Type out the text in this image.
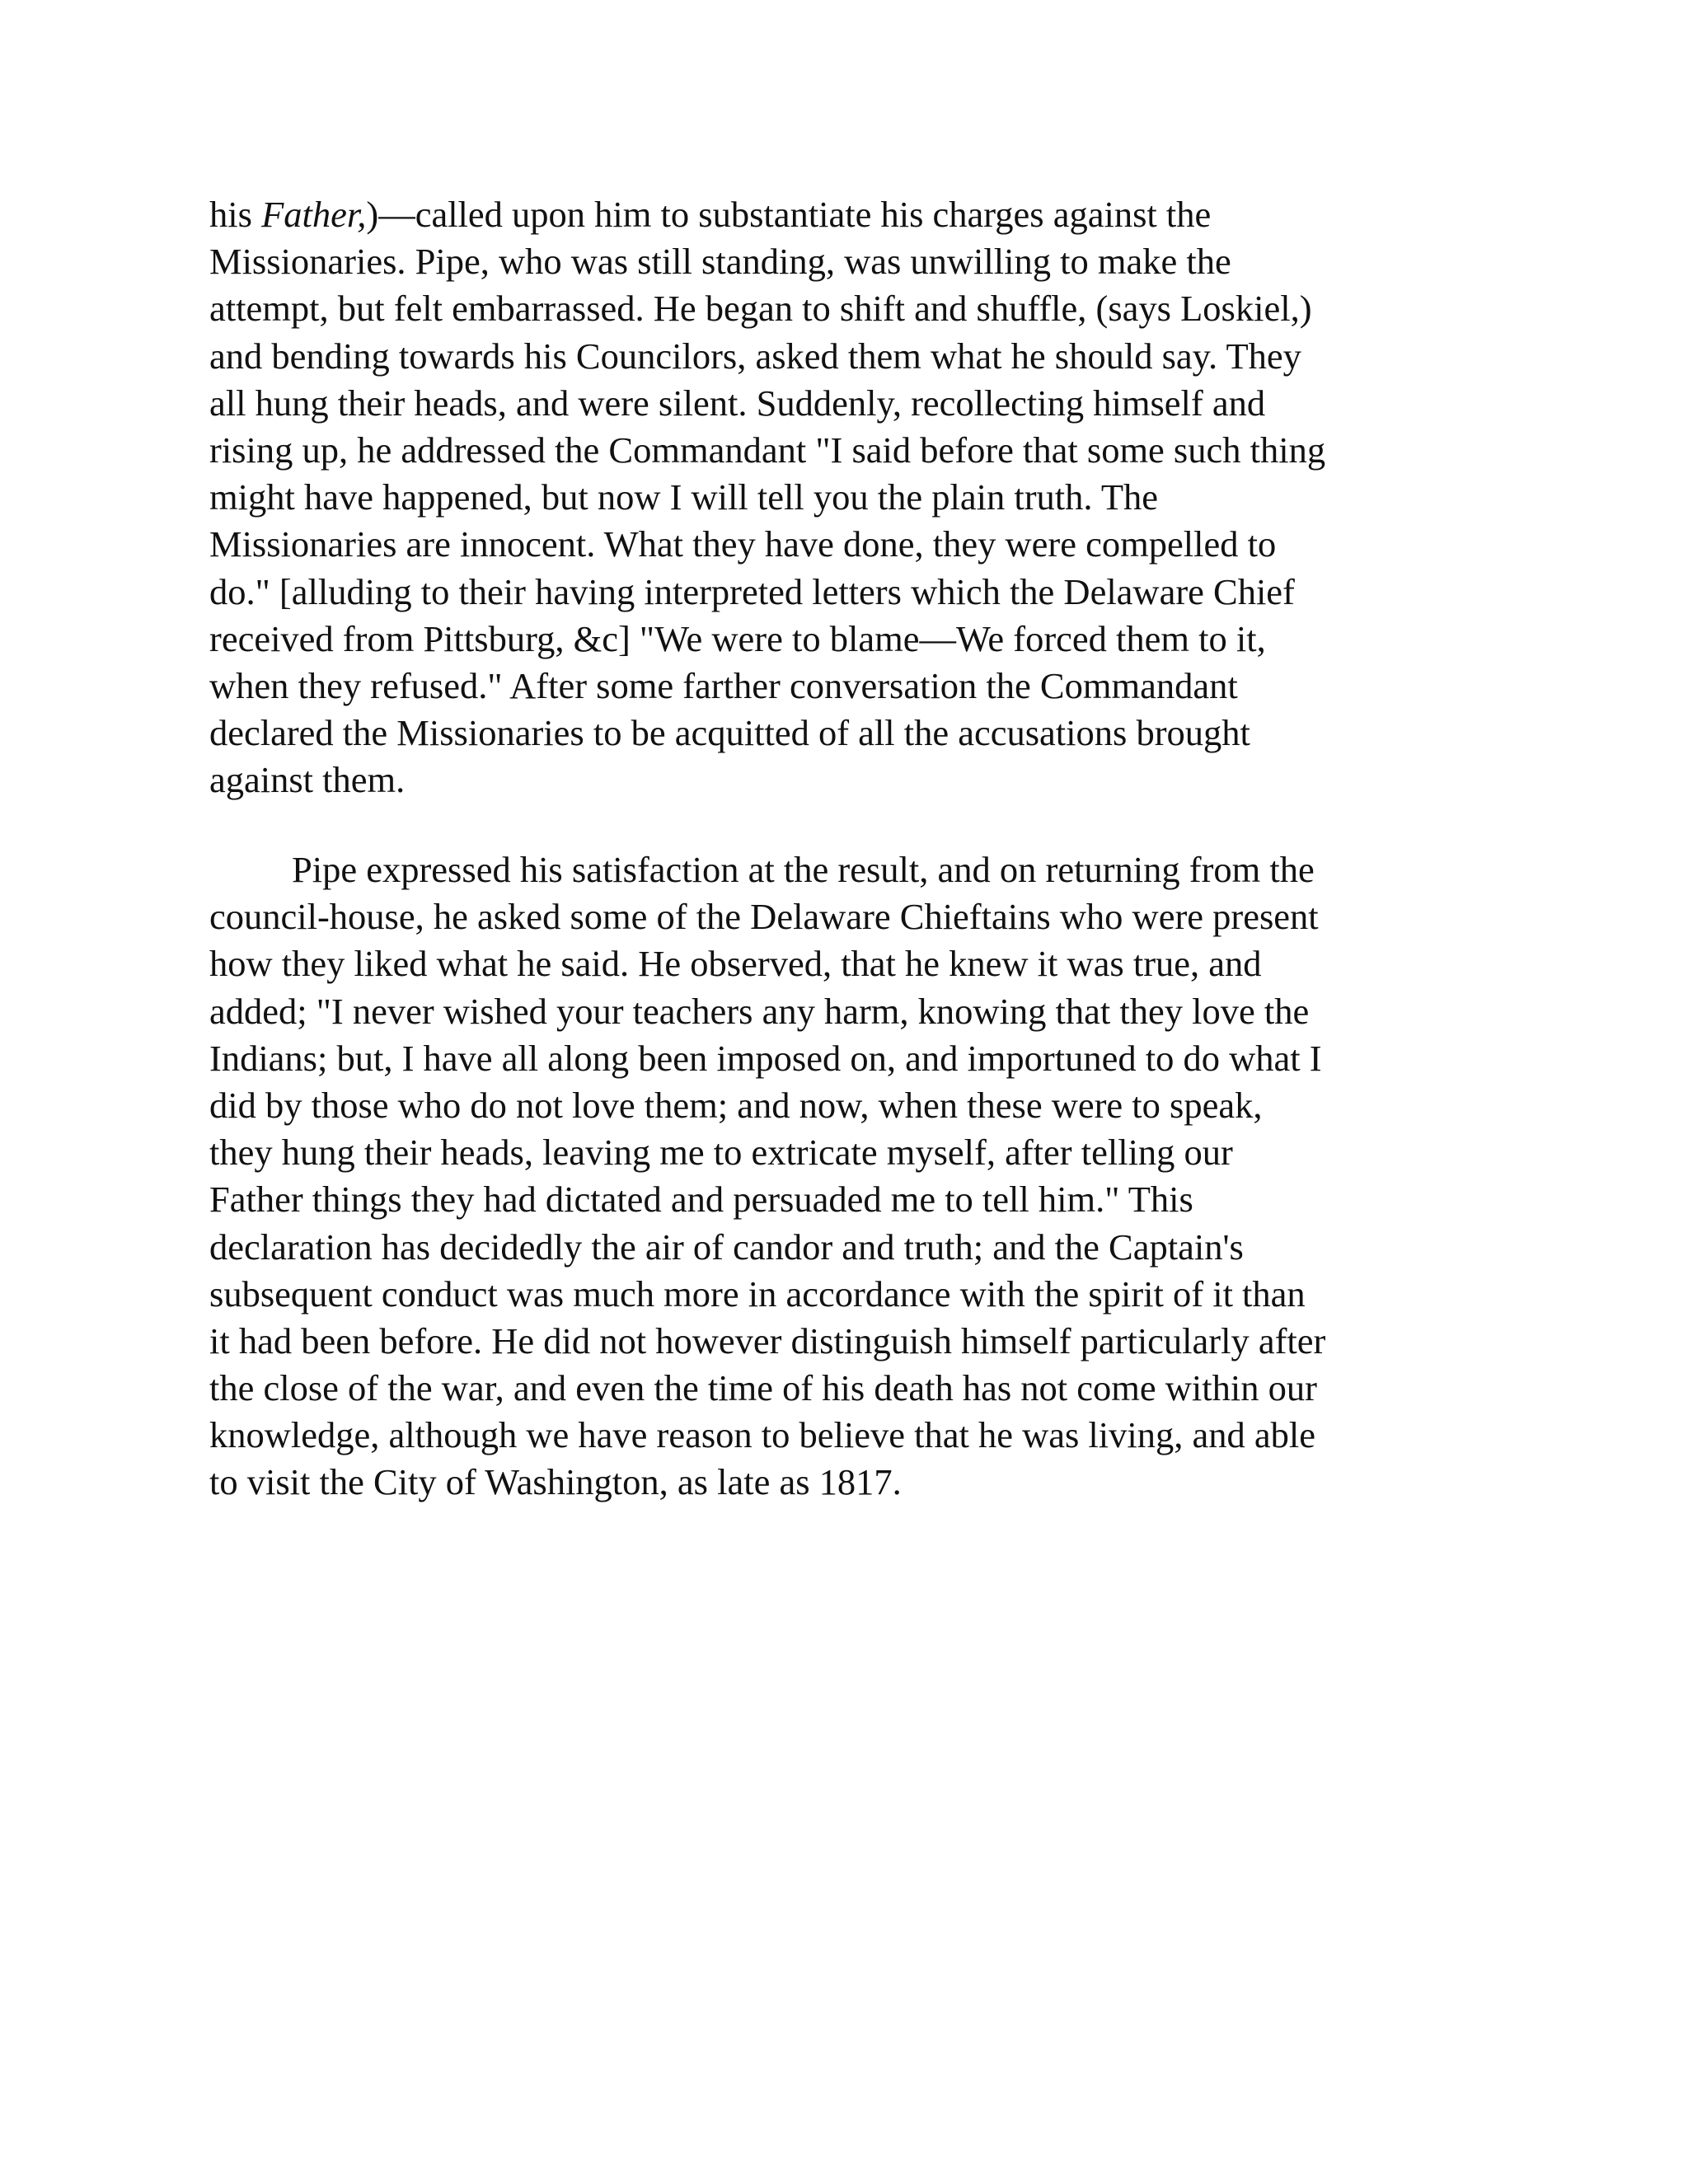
his Father,)—called upon him to substantiate his charges against the
Missionaries. Pipe, who was still standing, was unwilling to make the
attempt, but felt embarrassed. He began to shift and shuffle, (says Loskiel,)
and bending towards his Councilors, asked them what he should say. They
all hung their heads, and were silent. Suddenly, recollecting himself and
rising up, he addressed the Commandant "I said before that some such thing
might have happened, but now I will tell you the plain truth. The
Missionaries are innocent. What they have done, they were compelled to
do." [alluding to their having interpreted letters which the Delaware Chief
received from Pittsburg, &c] "We were to blame—We forced them to it,
when they refused." After some farther conversation the Commandant
declared the Missionaries to be acquitted of all the accusations brought
against them.
Pipe expressed his satisfaction at the result, and on returning from the
council-house, he asked some of the Delaware Chieftains who were present
how they liked what he said. He observed, that he knew it was true, and
added; "I never wished your teachers any harm, knowing that they love the
Indians; but, I have all along been imposed on, and importuned to do what I
did by those who do not love them; and now, when these were to speak,
they hung their heads, leaving me to extricate myself, after telling our
Father things they had dictated and persuaded me to tell him." This
declaration has decidedly the air of candor and truth; and the Captain's
subsequent conduct was much more in accordance with the spirit of it than
it had been before. He did not however distinguish himself particularly after
the close of the war, and even the time of his death has not come within our
knowledge, although we have reason to believe that he was living, and able
to visit the City of Washington, as late as 1817.
